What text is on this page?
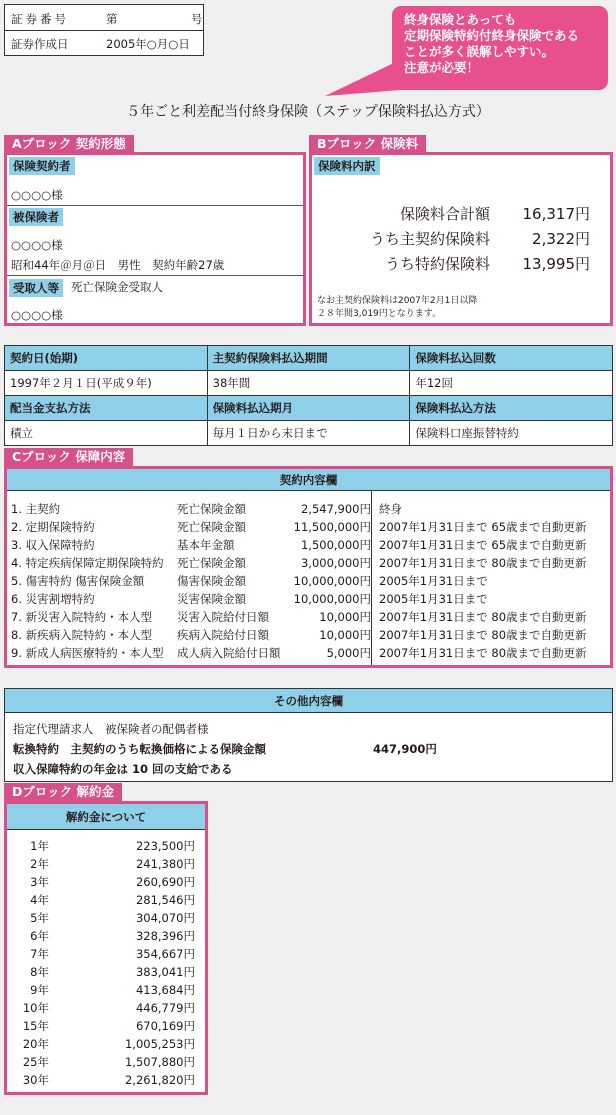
証券番号	第	号
証券作成日	2005年○月○日
終身保険とあっても
定期保険特約付終身保険である
ことが多く誤解しやすい。
注意が必要！
５年ごと利差配当付終身保険（ステップ保険料払込方式）
Aブロック 契約形態
保険契約者
○○○○様
被保険者
○○○○様
昭和44年＠月＠日　男性　契約年齢27歳
受取人等	死亡保険金受取人
○○○○様
Bブロック 保険料
保険料内訳
保険料合計額	16,317円
うち主契約保険料	2,322円
うち特約保険料	13,995円
なお主契約保険料は2007年2月1日以降
２８年間3,019円となります。
契約日(始期)	主契約保険料払込期間	保険料払込回数
1997年２月１日(平成９年)	38年間	年12回
配当金支払方法	保険料払込期月	保険料払込方法
積立	毎月１日から末日まで	保険料口座振替特約
Cブロック 保障内容
契約内容欄
1. 主契約	死亡保険金額	2,547,900円 終身
2. 定期保険特約	死亡保険金額	11,500,000円 2007年1月31日まで 65歳まで自動更新
3. 収入保障特約	基本年金額	1,500,000円 2007年1月31日まで 65歳まで自動更新
4. 特定疾病保障定期保険特約	死亡保険金額	3,000,000円 2007年1月31日まで 80歳まで自動更新
5. 傷害特約 傷害保険金額	傷害保険金額	10,000,000円 2005年1月31日まで
6. 災害割増特約	災害保険金額	10,000,000円 2005年1月31日まで
7. 新災害入院特約・本人型	災害入院給付日額	10,000円 2007年1月31日まで 80歳まで自動更新
8. 新疾病入院特約・本人型	疾病入院給付日額	10,000円 2007年1月31日まで 80歳まで自動更新
9. 新成人病医療特約・本人型	成人病入院給付日額	5,000円 2007年1月31日まで 80歳まで自動更新
その他内容欄
指定代理請求人　被保険者の配偶者様
転換特約　主契約のうち転換価格による保険金額	447,900円
収入保障特約の年金は 10 回の支給である
Dブロック 解約金
解約金について
1年	223,500円
2年	241,380円
3年	260,690円
4年	281,546円
5年	304,070円
6年	328,396円
7年	354,667円
8年	383,041円
9年	413,684円
10年	446,779円
15年	670,169円
20年	1,005,253円
25年	1,507,880円
30年	2,261,820円
